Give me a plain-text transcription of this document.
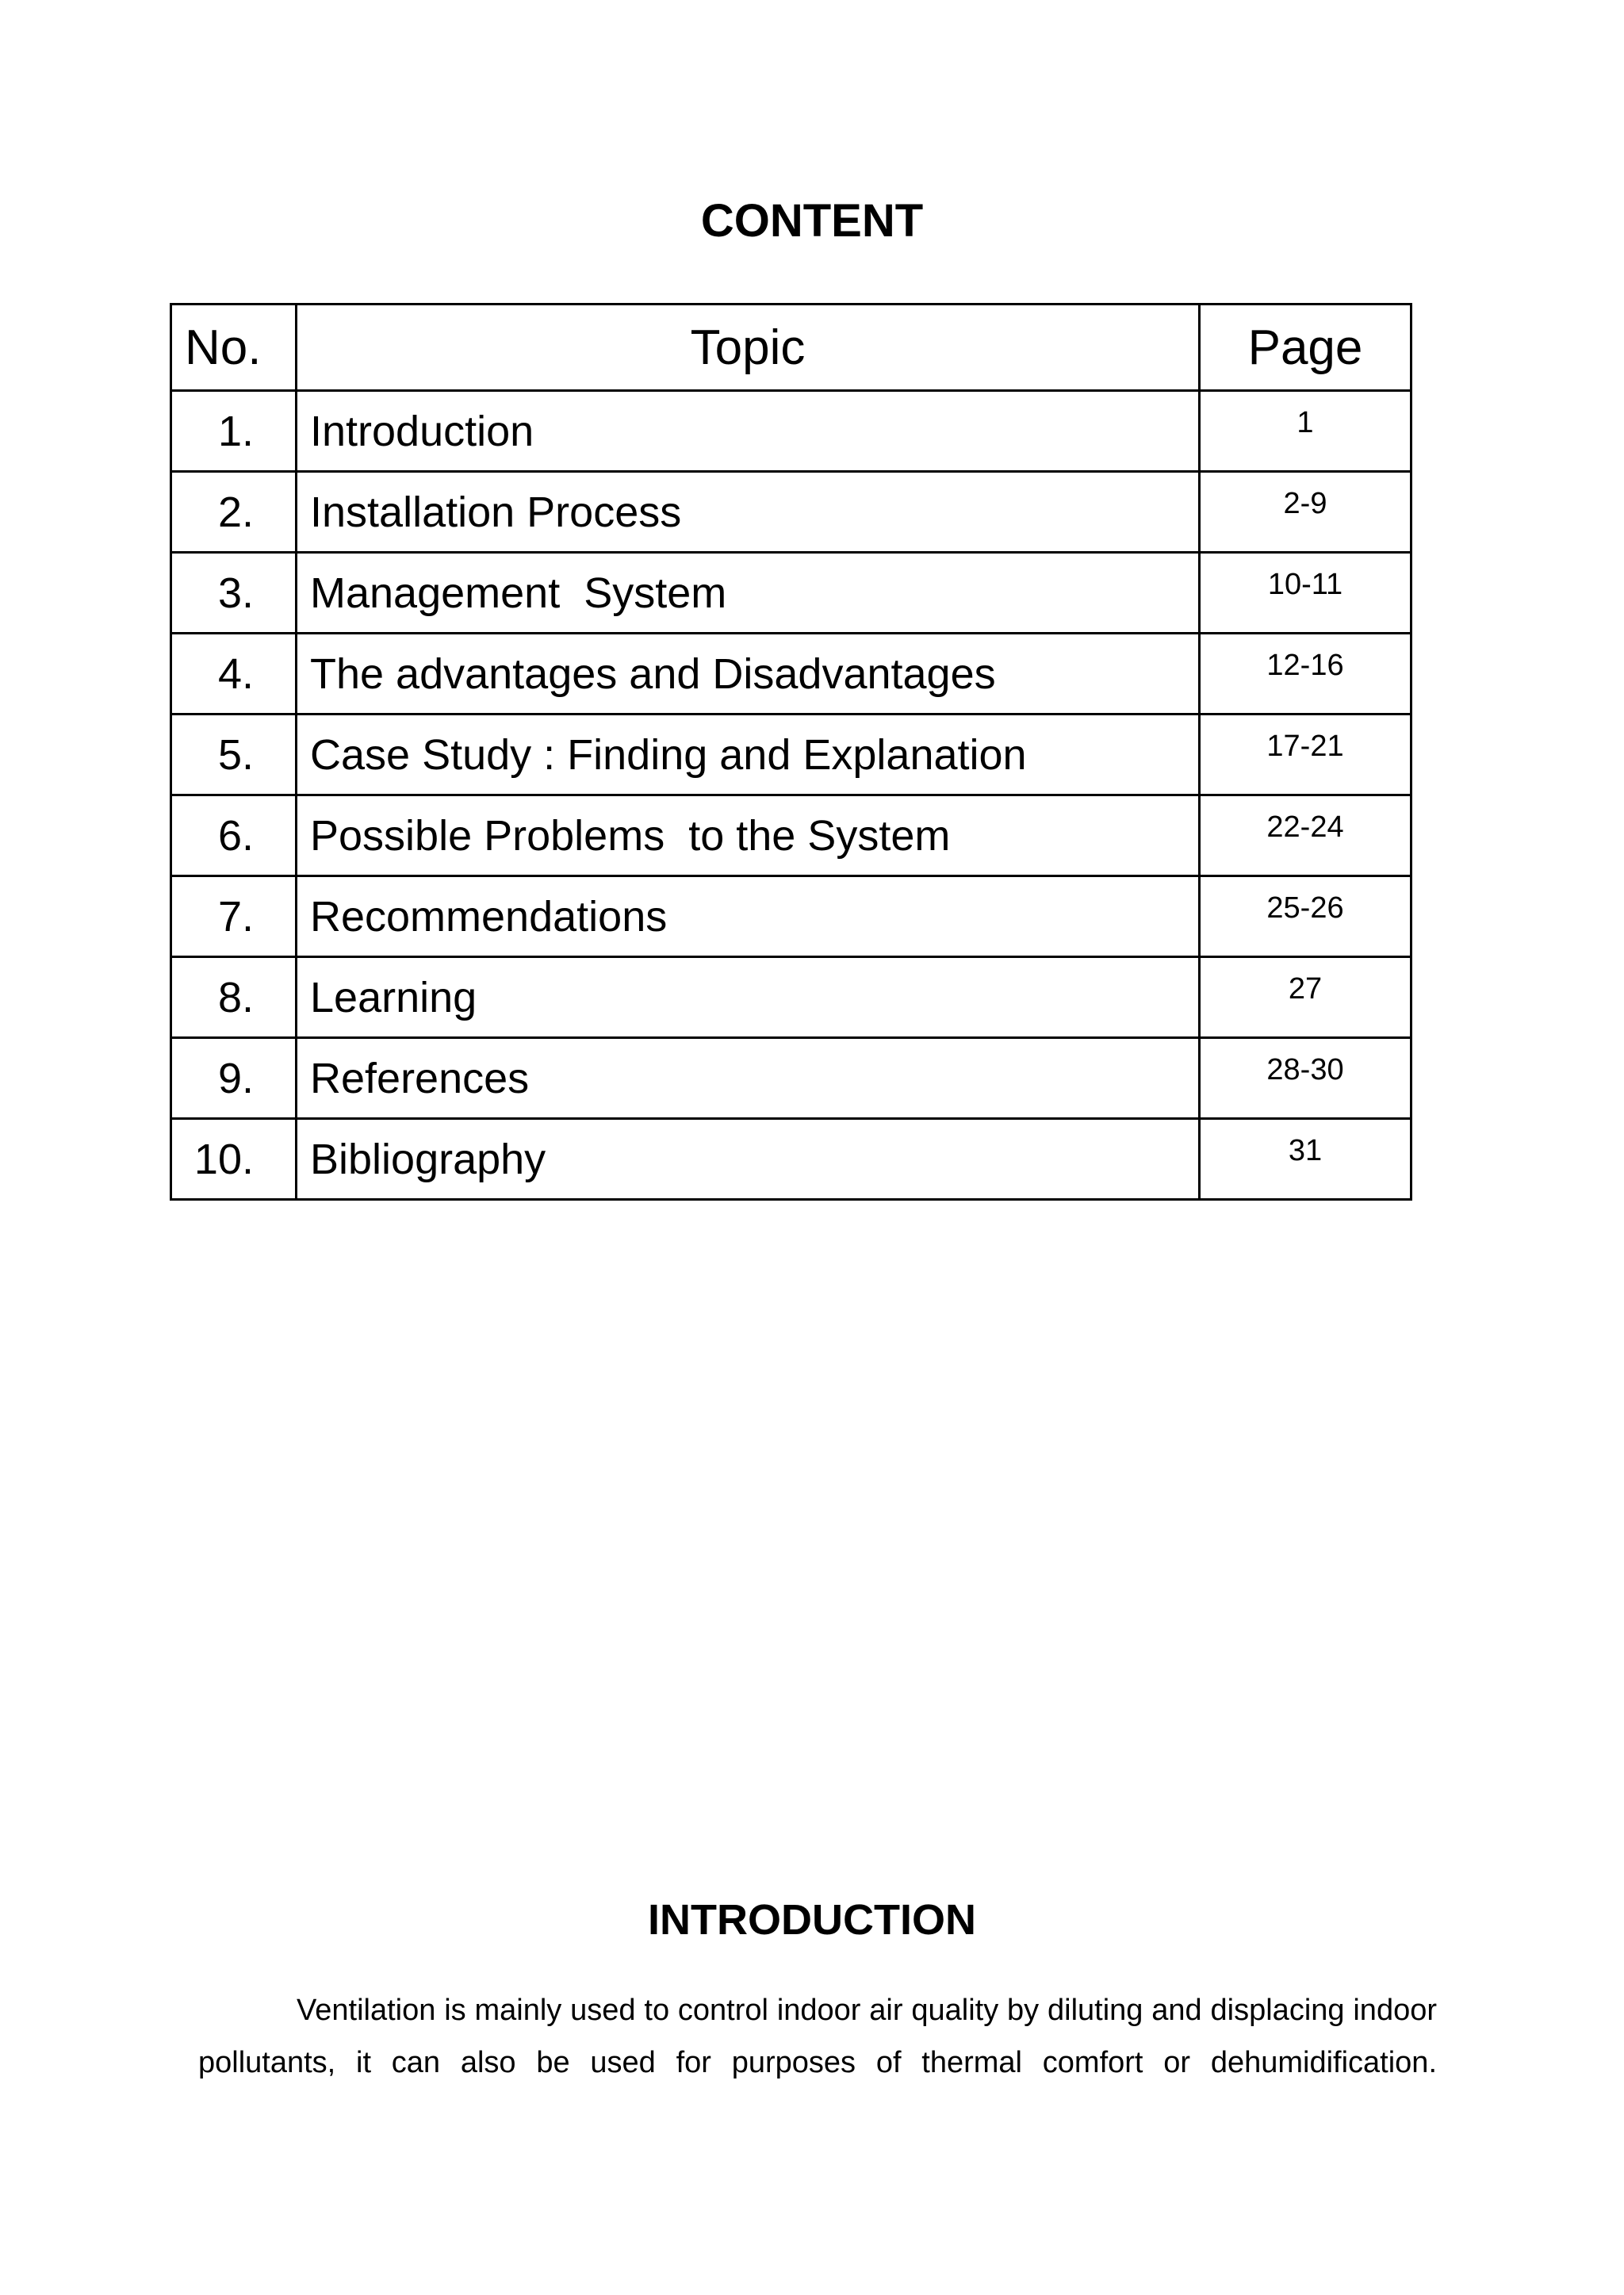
CONTENT
No.	Topic	Page
1.	Introduction	1
2.	Installation Process	2-9
3.	Management  System	10-11
4.	The advantages and Disadvantages	12-16
5.	Case Study : Finding and Explanation	17-21
6.	Possible Problems  to the System	22-24
7.	Recommendations	25-26
8.	Learning	27
9.	References	28-30
10.	Bibliography	31
INTRODUCTION

Ventilation is mainly used to control indoor air quality by diluting and displacing indoor pollutants, it can also be used for purposes of thermal comfort or dehumidification.
